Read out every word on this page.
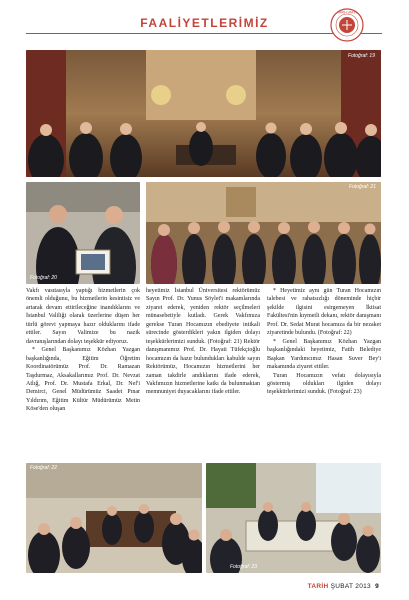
FAALİYETLERİMİZ
TARİH VAKFI
Fotoğraf: 19
Fotoğraf: 20
Fotoğraf: 21

Vakfı vasıtasıyla yaptığı hizmetlerin çok önemli olduğunu, bu hizmetlerin kesintisiz ve artarak devam ettirileceğine inandıklarını ve İstanbul Valiliği olarak üzerlerine düşen her türlü görevi yapmaya hazır olduklarını ifade ettiler. Sayın Valimize bu nazik davranışlarından dolayı teşekkür ediyoruz.

* Genel Başkanımız Közhan Yazgan başkanlığında, Eğitim Öğretim Koordinatörümüz Prof. Dr. Ramazan Taşdurmaz, Aksakallarımız Prof. Dr. Nevzat Atlığ, Prof. Dr. Mustafa Erkal, Dr. Nef'i Demirci, Genel Müdürümüz Saadet Pınar Yıldırım, Eğitim Kültür Müdürümüz Metin Köse'den oluşan

heyetimiz İstanbul Üniversitesi rektörümüz Sayın Prof. Dr. Yunus Söylet'i makamlarında ziyaret ederek, yeniden rektör seçilmeleri münasebetiyle kutladı. Gerek Vakfımıza gerekse Turan Hocamızın ebediyete intikali sürecinde gösterdikleri yakın ilgiden dolayı teşekkürlerimizi sunduk. (Fotoğraf: 21) Rektör danışmanımız Prof. Dr. Hayati Tüfekçioğlu hocamızın da hazır bulundukları kabulde sayın Rektörümüz, Hocamızın hizmetlerini her zaman takdirle andıklarını ifade ederek, Vakfımızın hizmetlerine katkı da bulunmaktan memnuniyet duyacaklarını ifade ettiler.

* Heyetimiz aynı gün Turan Hocamızın talebesi ve rahatsızlığı döneminde hiçbir şekilde ilgisini esirgemeyen İktisat Fakültesi'nin kıymetli dekanı, rektör danışmanı Prof. Dr. Sedat Murat hocamıza da bir nezaket ziyaretinde bulundu. (Fotoğraf: 22)

* Genel Başkanımız Közhan Yazgan başkanlığındaki heyetimiz, Fatih Belediye Başkan Yardımcımız Hasan Suver Bey'i makamında ziyaret ettiler.

Turan Hocamızın vefatı dolayısıyla göstermiş oldukları ilgiden dolayı teşekkürlerimizi sunduk. (Fotoğraf: 23)

Fotoğraf: 22
Fotoğraf: 23
TARİH ŞUBAT 2013 9
